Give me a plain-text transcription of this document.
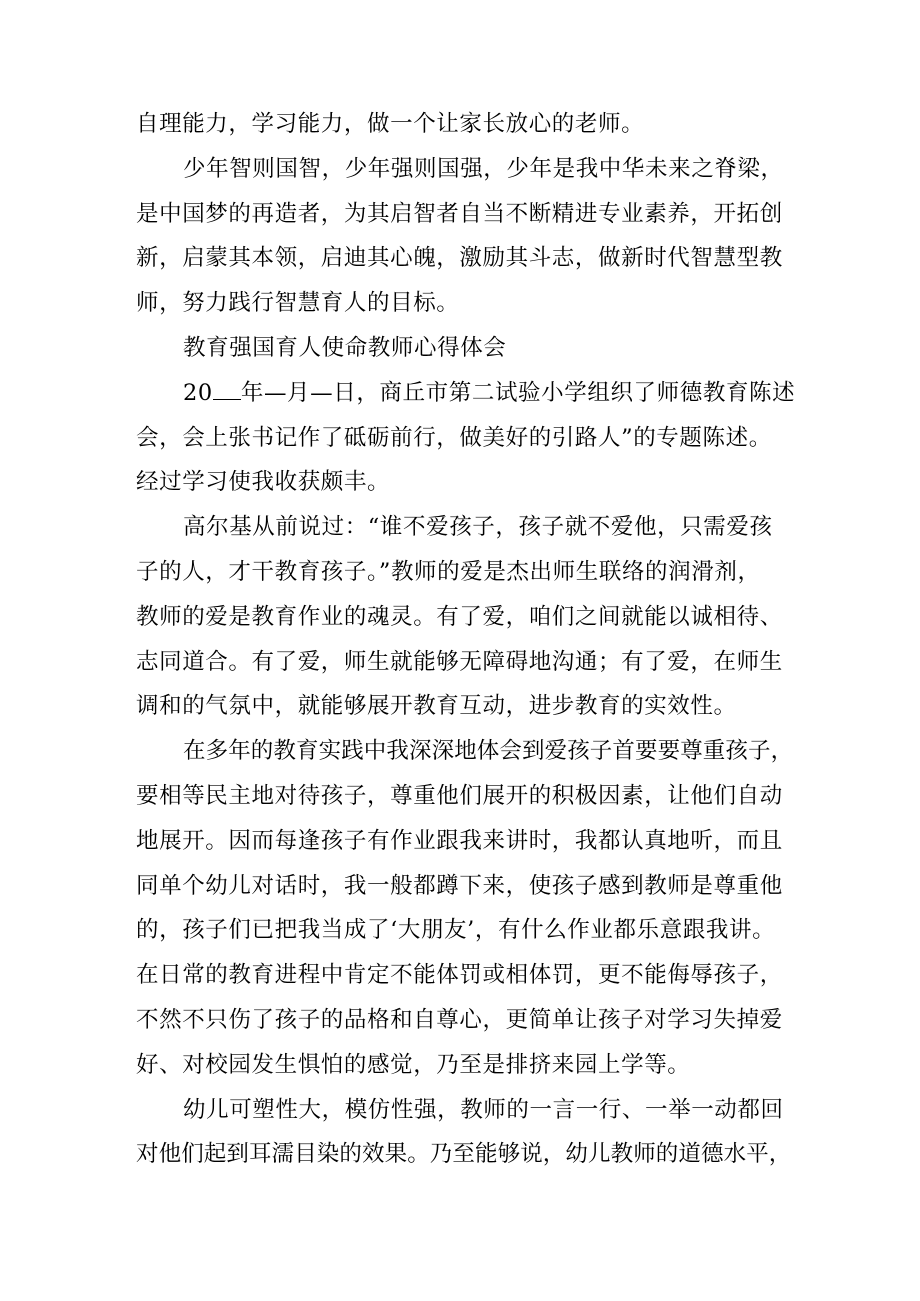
自理能力，学习能力，做一个让家长放心的老师。
少年智则国智，少年强则国强，少年是我中华未来之脊梁，
是中国梦的再造者，为其启智者自当不断精进专业素养，开拓创
新，启蒙其本领，启迪其心魄，激励其斗志，做新时代智慧型教
师，努力践行智慧育人的目标。
教育强国育人使命教师心得体会
20 年—月—日，商丘市第二试验小学组织了师德教育陈述
会，会上张书记作了砥砺前行，做美好的引路人”的专题陈述。
经过学习使我收获颇丰。
高尔基从前说过：“谁不爱孩子，孩子就不爱他，只需爱孩
子的人，才干教育孩子。”教师的爱是杰出师生联络的润滑剂，
教师的爱是教育作业的魂灵。有了爱，咱们之间就能以诚相待、
志同道合。有了爱，师生就能够无障碍地沟通；有了爱，在师生
调和的气氛中，就能够展开教育互动，进步教育的实效性。
在多年的教育实践中我深深地体会到爱孩子首要要尊重孩子，
要相等民主地对待孩子，尊重他们展开的积极因素，让他们自动
地展开。因而每逢孩子有作业跟我来讲时，我都认真地听，而且
同单个幼儿对话时，我一般都蹲下来，使孩子感到教师是尊重他
的，孩子们已把我当成了‘大朋友’，有什么作业都乐意跟我讲。
在日常的教育进程中肯定不能体罚或相体罚，更不能侮辱孩子，
不然不只伤了孩子的品格和自尊心，更简单让孩子对学习失掉爱
好、对校园发生惧怕的感觉，乃至是排挤来园上学等。
幼儿可塑性大，模仿性强，教师的一言一行、一举一动都回
对他们起到耳濡目染的效果。乃至能够说，幼儿教师的道德水平，
